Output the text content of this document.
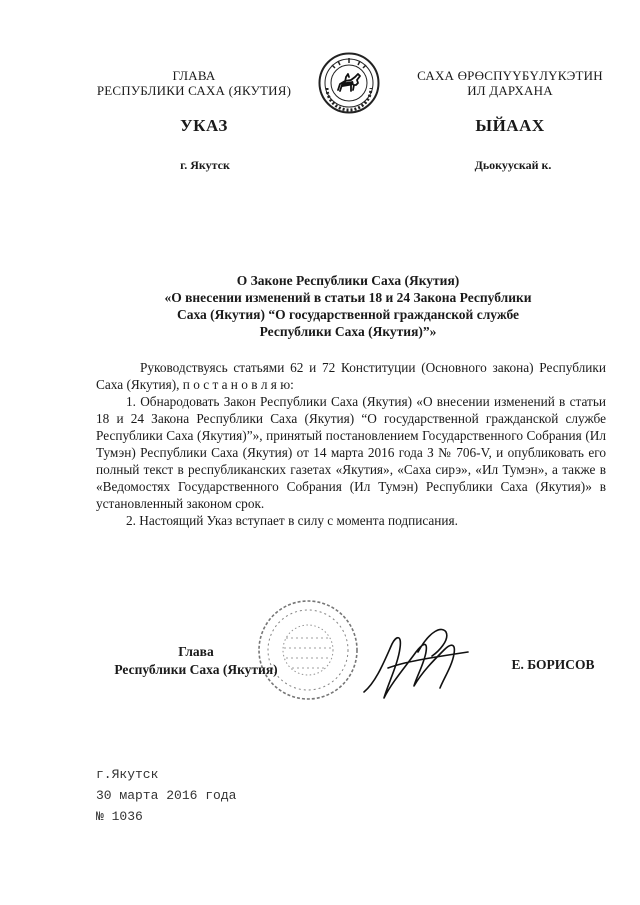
ГЛАВА
РЕСПУБЛИКИ САХА (ЯКУТИЯ)
САХА ӨРӨСПҮҮБҮЛҮКЭТИН
ИЛ ДАРХАНА
УКАЗ	ЫЙААХ
г. Якутск	Дьокуускай к.
О Законе Республики Саха (Якутия)
«О внесении изменений в статьи 18 и 24 Закона Республики
Саха (Якутия) “О государственной гражданской службе
Республики Саха (Якутия)”»

Руководствуясь статьями 62 и 72 Конституции (Основного закона) Республики Саха (Якутия), п о с т а н о в л я ю:

1. Обнародовать Закон Республики Саха (Якутия) «О внесении изменений в статьи 18 и 24 Закона Республики Саха (Якутия) “О государственной гражданской службе Республики Саха (Якутия)”», принятый постановлением Государственного Собрания (Ил Тумэн) Республики Саха (Якутия) от 14 марта 2016 года З № 706-V, и опубликовать его полный текст в республиканских газетах «Якутия», «Саха сирэ», «Ил Тумэн», а также в «Ведомостях Государственного Собрания (Ил Тумэн) Республики Саха (Якутия)» в установленный законом срок.

2. Настоящий Указ вступает в силу с момента подписания.

Глава
Республики Саха (Якутия)	Е. БОРИСОВ
г.Якутск
30 марта 2016 года
№ 1036
